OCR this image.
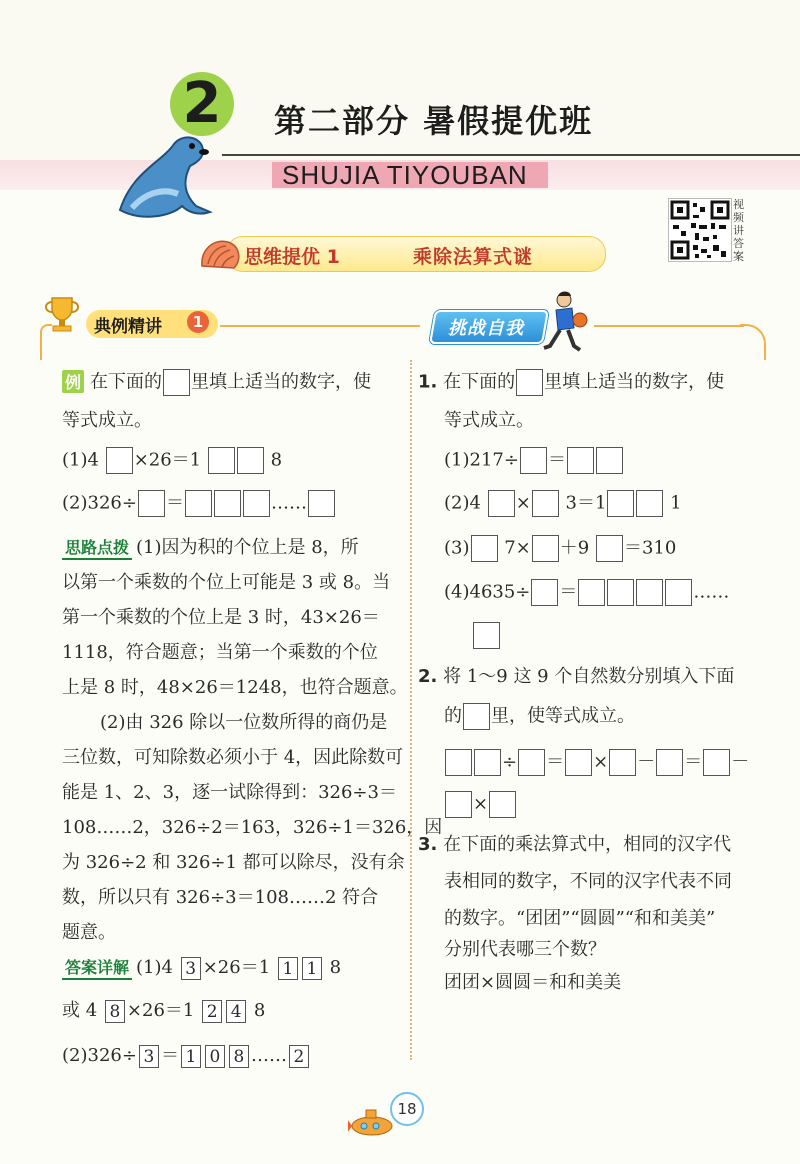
2	第二部分 暑假提优班
SHUJIA TIYOUBAN
视频讲答案
思维提优 1	乘除法算式谜
典例精讲	1	挑战自我
例 在下面的 里填上适当的数字，使
等式成立。
(1)4 ×26＝1	8
(2)326÷ ＝	……
思路点拨 (1)因为积的个位上是 8，所
以第一个乘数的个位上可能是 3 或 8。当
第一个乘数的个位上是 3 时，43×26＝
1118，符合题意；当第一个乘数的个位
上是 8 时，48×26＝1248，也符合题意。
(2)由 326 除以一位数所得的商仍是
三位数，可知除数必须小于 4，因此除数可
能是 1、2、3，逐一试除得到：326÷3＝
108……2，326÷2＝163，326÷1＝326，因
为 326÷2 和 326÷1 都可以除尽，没有余
数，所以只有 326÷3＝108……2 符合
题意。
答案详解 (1)4 3 ×26＝1 1 1 8
或 4 8 ×26＝1 2 4 8
(2)326÷ 3 ＝ 1 0 8 …… 2
1. 在下面的 里填上适当的数字，使
等式成立。
(1)217÷ ＝
(2)4 × 3＝1	1
(3) 7× ＋9 ＝310
(4)4635÷ ＝	……
2. 将 1～9 这 9 个自然数分别填入下面
的 里，使等式成立。
÷ ＝ × － ＝ －
×
3. 在下面的乘法算式中，相同的汉字代
表相同的数字，不同的汉字代表不同
的数字。“团团”“圆圆”“和和美美”
分别代表哪三个数？
团团×圆圆＝和和美美
18
